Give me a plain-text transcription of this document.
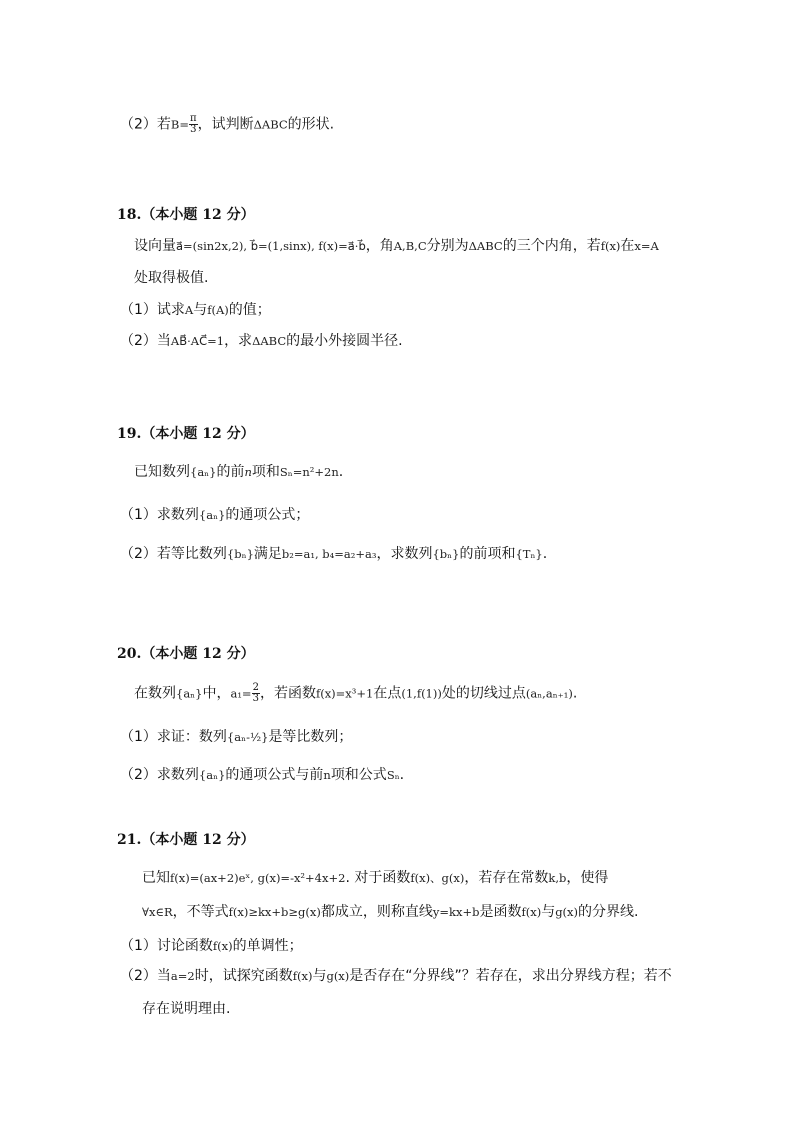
（2）若$B= \frac{\pi}{3}$ ，试判断ΔABC的形状.
18.（本小题 12 分）
设向量a⃗=(sin2x,2), b⃗=(1,sinx), f(x)=a⃗·b⃗，角A,B,C分别为ΔABC的三个内角，若f(x)在x=A
处取得极值.
（1）试求A与f(A)的值；
（2）当AB⃗·AC⃗=1，求ΔABC的最小外接圆半径.
19.（本小题 12 分）
已知数列{aₙ}的前n项和Sₙ=n²+2n.
（1）求数列{aₙ}的通项公式；
（2）若等比数列{bₙ}满足b₂=a₁, b₄=a₂+a₃，求数列{bₙ}的前项和{Tₙ}.
20.（本小题 12 分）
在数列{aₙ}中，$a_1= \frac{2}{3}$ ，若函数f(x)=x³+1在点(1,f(1))处的切线过点(aₙ,aₙ₊₁).
（1）求证：数列{aₙ-½}是等比数列；
（2）求数列{aₙ}的通项公式与前n项和公式Sₙ.
21.（本小题 12 分）
已知f(x)=(ax+2)eˣ, g(x)=-x²+4x+2. 对于函数f(x)、g(x)，若存在常数k,b，使得
∀x∈R，不等式f(x)≥kx+b≥g(x)都成立，则称直线y=kx+b是函数f(x)与g(x)的分界线.
（1）讨论函数f(x)的单调性；
（2）当a=2时，试探究函数f(x)与g(x)是否存在“分界线”？若存在，求出分界线方程；若不
存在说明理由.
